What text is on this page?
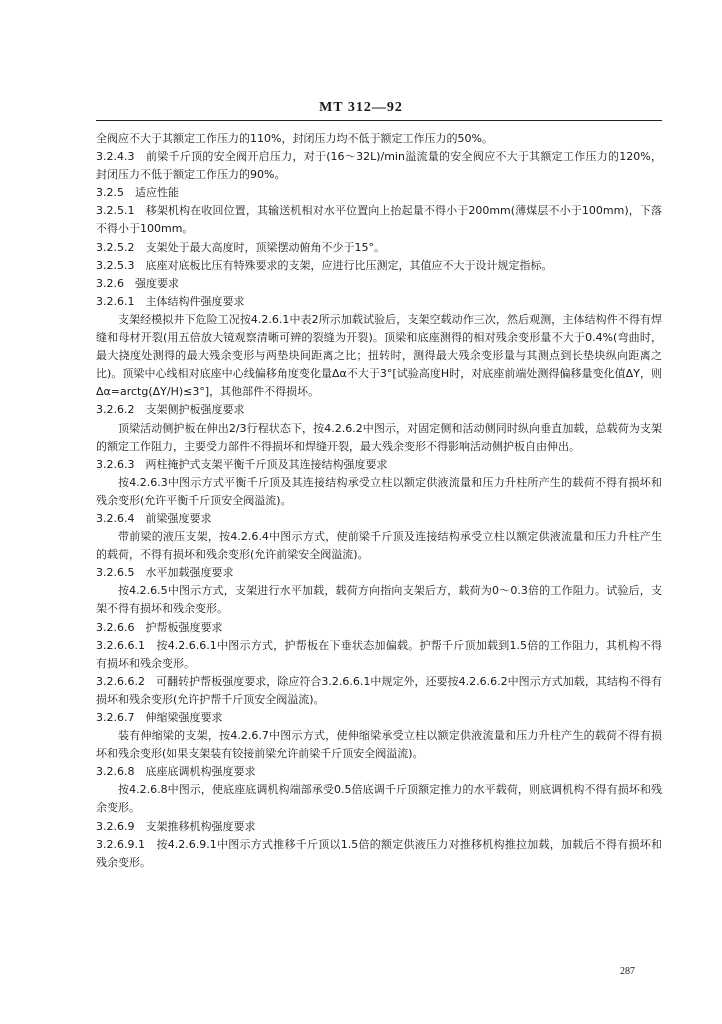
MT 312—92

全阀应不大于其额定工作压力的110%，封闭压力均不低于额定工作压力的50%。

3.2.4.3　前梁千斤顶的安全阀开启压力，对于(16～32L)/min溢流量的安全阀应不大于其额定工作压力的120%，封闭压力不低于额定工作压力的90%。

3.2.5　适应性能

3.2.5.1　移架机构在收回位置，其输送机相对水平位置向上抬起量不得小于200mm(薄煤层不小于100mm)，下落不得小于100mm。

3.2.5.2　支架处于最大高度时，顶梁摆动俯角不少于15°。

3.2.5.3　底座对底板比压有特殊要求的支架，应进行比压测定，其值应不大于设计规定指标。

3.2.6　强度要求

3.2.6.1　主体结构件强度要求

支架经模拟井下危险工况按4.2.6.1中表2所示加载试验后，支架空载动作三次，然后观测，主体结构件不得有焊缝和母材开裂(用五倍放大镜观察清晰可辨的裂缝为开裂)。顶梁和底座测得的相对残余变形量不大于0.4%(弯曲时，最大挠度处测得的最大残余变形与两垫块间距离之比；扭转时，测得最大残余变形量与其测点到长垫块纵向距离之比)。顶梁中心线相对底座中心线偏移角度变化量Δα不大于3°[试验高度H时，对底座前端处测得偏移量变化值ΔY，则Δα=arctg(ΔY/H)≤3°]，其他部件不得损坏。

3.2.6.2　支架侧护板强度要求

顶梁活动侧护板在伸出2/3行程状态下，按4.2.6.2中图示，对固定侧和活动侧同时纵向垂直加载，总载荷为支架的额定工作阻力，主要受力部件不得损坏和焊缝开裂，最大残余变形不得影响活动侧护板自由伸出。

3.2.6.3　两柱掩护式支架平衡千斤顶及其连接结构强度要求

按4.2.6.3中图示方式平衡千斤顶及其连接结构承受立柱以额定供液流量和压力升柱所产生的载荷不得有损坏和残余变形(允许平衡千斤顶安全阀溢流)。

3.2.6.4　前梁强度要求

带前梁的液压支架，按4.2.6.4中图示方式，使前梁千斤顶及连接结构承受立柱以额定供液流量和压力升柱产生的载荷，不得有损坏和残余变形(允许前梁安全阀溢流)。

3.2.6.5　水平加载强度要求

按4.2.6.5中图示方式，支架进行水平加载，载荷方向指向支架后方，载荷为0～0.3倍的工作阻力。试验后，支架不得有损坏和残余变形。

3.2.6.6　护帮板强度要求

3.2.6.6.1　按4.2.6.6.1中图示方式，护帮板在下垂状态加偏载。护帮千斤顶加载到1.5倍的工作阻力，其机构不得有损坏和残余变形。

3.2.6.6.2　可翻转护帮板强度要求，除应符合3.2.6.6.1中规定外，还要按4.2.6.6.2中图示方式加载，其结构不得有损坏和残余变形(允许护帮千斤顶安全阀溢流)。

3.2.6.7　伸缩梁强度要求

装有伸缩梁的支架，按4.2.6.7中图示方式，使伸缩梁承受立柱以额定供液流量和压力升柱产生的载荷不得有损坏和残余变形(如果支架装有铰接前梁允许前梁千斤顶安全阀溢流)。

3.2.6.8　底座底调机构强度要求

按4.2.6.8中图示，使底座底调机构端部承受0.5倍底调千斤顶额定推力的水平载荷，则底调机构不得有损坏和残余变形。

3.2.6.9　支架推移机构强度要求

3.2.6.9.1　按4.2.6.9.1中图示方式推移千斤顶以1.5倍的额定供液压力对推移机构推拉加载，加载后不得有损坏和残余变形。

287
